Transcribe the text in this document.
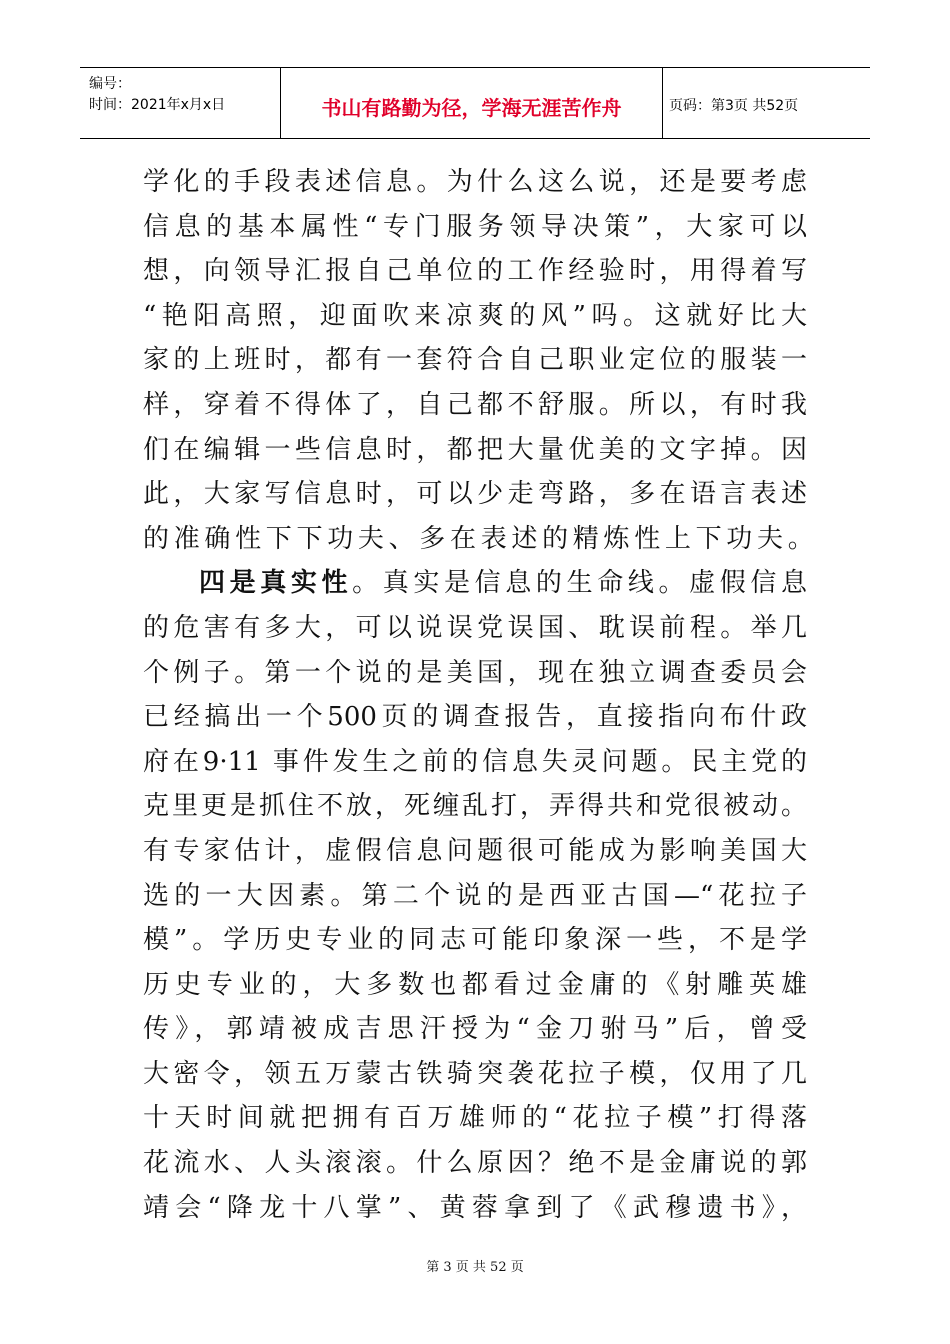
编号：
时间：2021年x月x日	书山有路勤为径，学海无涯苦作舟	页码：第3页 共52页
学化的手段表述信息。为什么这么说，还是要考虑
信息的基本属性“专门服务领导决策”，大家可以
想，向领导汇报自己单位的工作经验时，用得着写
“艳阳高照，迎面吹来凉爽的风”吗。这就好比大
家的上班时，都有一套符合自己职业定位的服装一
样，穿着不得体了，自己都不舒服。所以，有时我
们在编辑一些信息时，都把大量优美的文字掉。因
此，大家写信息时，可以少走弯路，多在语言表述
的准确性下下功夫、多在表述的精炼性上下功夫。
四是真实性。真实是信息的生命线。虚假信息
的危害有多大，可以说误党误国、耽误前程。举几
个例子。第一个说的是美国，现在独立调查委员会
已经搞出一个500页的调查报告，直接指向布什政
府在9·11 事件发生之前的信息失灵问题。民主党的
克里更是抓住不放，死缠乱打，弄得共和党很被动。
有专家估计，虚假信息问题很可能成为影响美国大
选的一大因素。第二个说的是西亚古国—“花拉子
模”。学历史专业的同志可能印象深一些，不是学
历史专业的，大多数也都看过金庸的《射雕英雄
传》，郭靖被成吉思汗授为“金刀驸马”后，曾受
大密令，领五万蒙古铁骑突袭花拉子模，仅用了几
十天时间就把拥有百万雄师的“花拉子模”打得落
花流水、人头滚滚。什么原因？绝不是金庸说的郭
靖会“降龙十八掌”、黄蓉拿到了《武穆遗书》，
第 3 页 共 52 页
